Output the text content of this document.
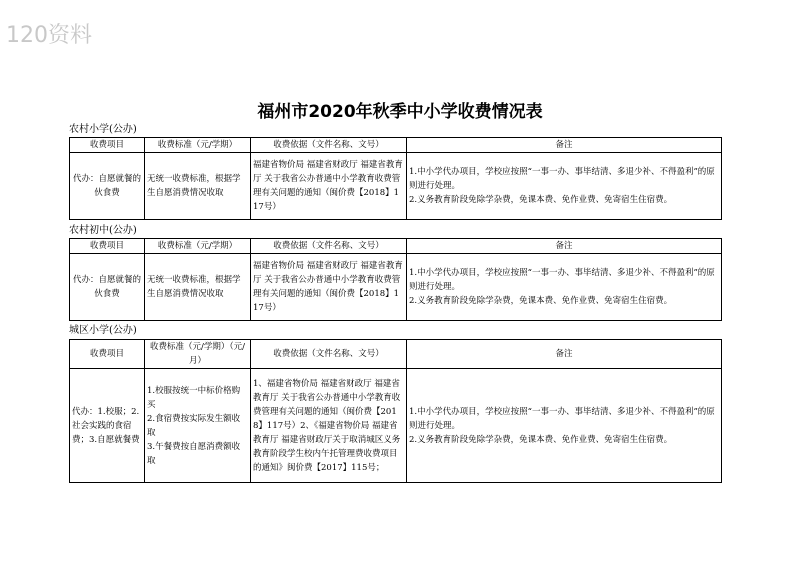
120资料
福州市2020年秋季中小学收费情况表
农村小学(公办)
收费项目	收费标准（元/学期）	收费依据（文件名称、文号）	备注
代办：自愿就餐的伙食费	无统一收费标准，根据学生自愿消费情况收取	福建省物价局 福建省财政厅 福建省教育厅 关于我省公办普通中小学教育收费管理有关问题的通知（闽价费【2018】117号）	1.中小学代办项目，学校应按照“一事一办、事毕结清、多退少补、不得盈利”的原则进行处理。
2.义务教育阶段免除学杂费，免课本费、免作业费、免寄宿生住宿费。
农村初中(公办)
收费项目	收费标准（元/学期）	收费依据（文件名称、文号）	备注
代办：自愿就餐的伙食费	无统一收费标准，根据学生自愿消费情况收取	福建省物价局 福建省财政厅 福建省教育厅 关于我省公办普通中小学教育收费管理有关问题的通知（闽价费【2018】117号）	1.中小学代办项目，学校应按照“一事一办、事毕结清、多退少补、不得盈利”的原则进行处理。
2.义务教育阶段免除学杂费，免课本费、免作业费、免寄宿生住宿费。
城区小学(公办)
收费项目	收费标准（元/学期）（元/月）	收费依据（文件名称、文号）	备注
代办：1.校服；2.社会实践的食宿费；3.自愿就餐费	1.校服按统一中标价格购买
2.食宿费按实际发生额收取
3.午餐费按自愿消费额收取	1、福建省物价局 福建省财政厅 福建省教育厅 关于我省公办普通中小学教育收费管理有关问题的通知（闽价费【2018】117号）2、《福建省物价局 福建省教育厅 福建省财政厅关于取消城区义务教育阶段学生校内午托管理费收费项目的通知》闽价费【2017】115号；	1.中小学代办项目，学校应按照“一事一办、事毕结清、多退少补、不得盈利”的原则进行处理。
2.义务教育阶段免除学杂费，免课本费、免作业费、免寄宿生住宿费。
